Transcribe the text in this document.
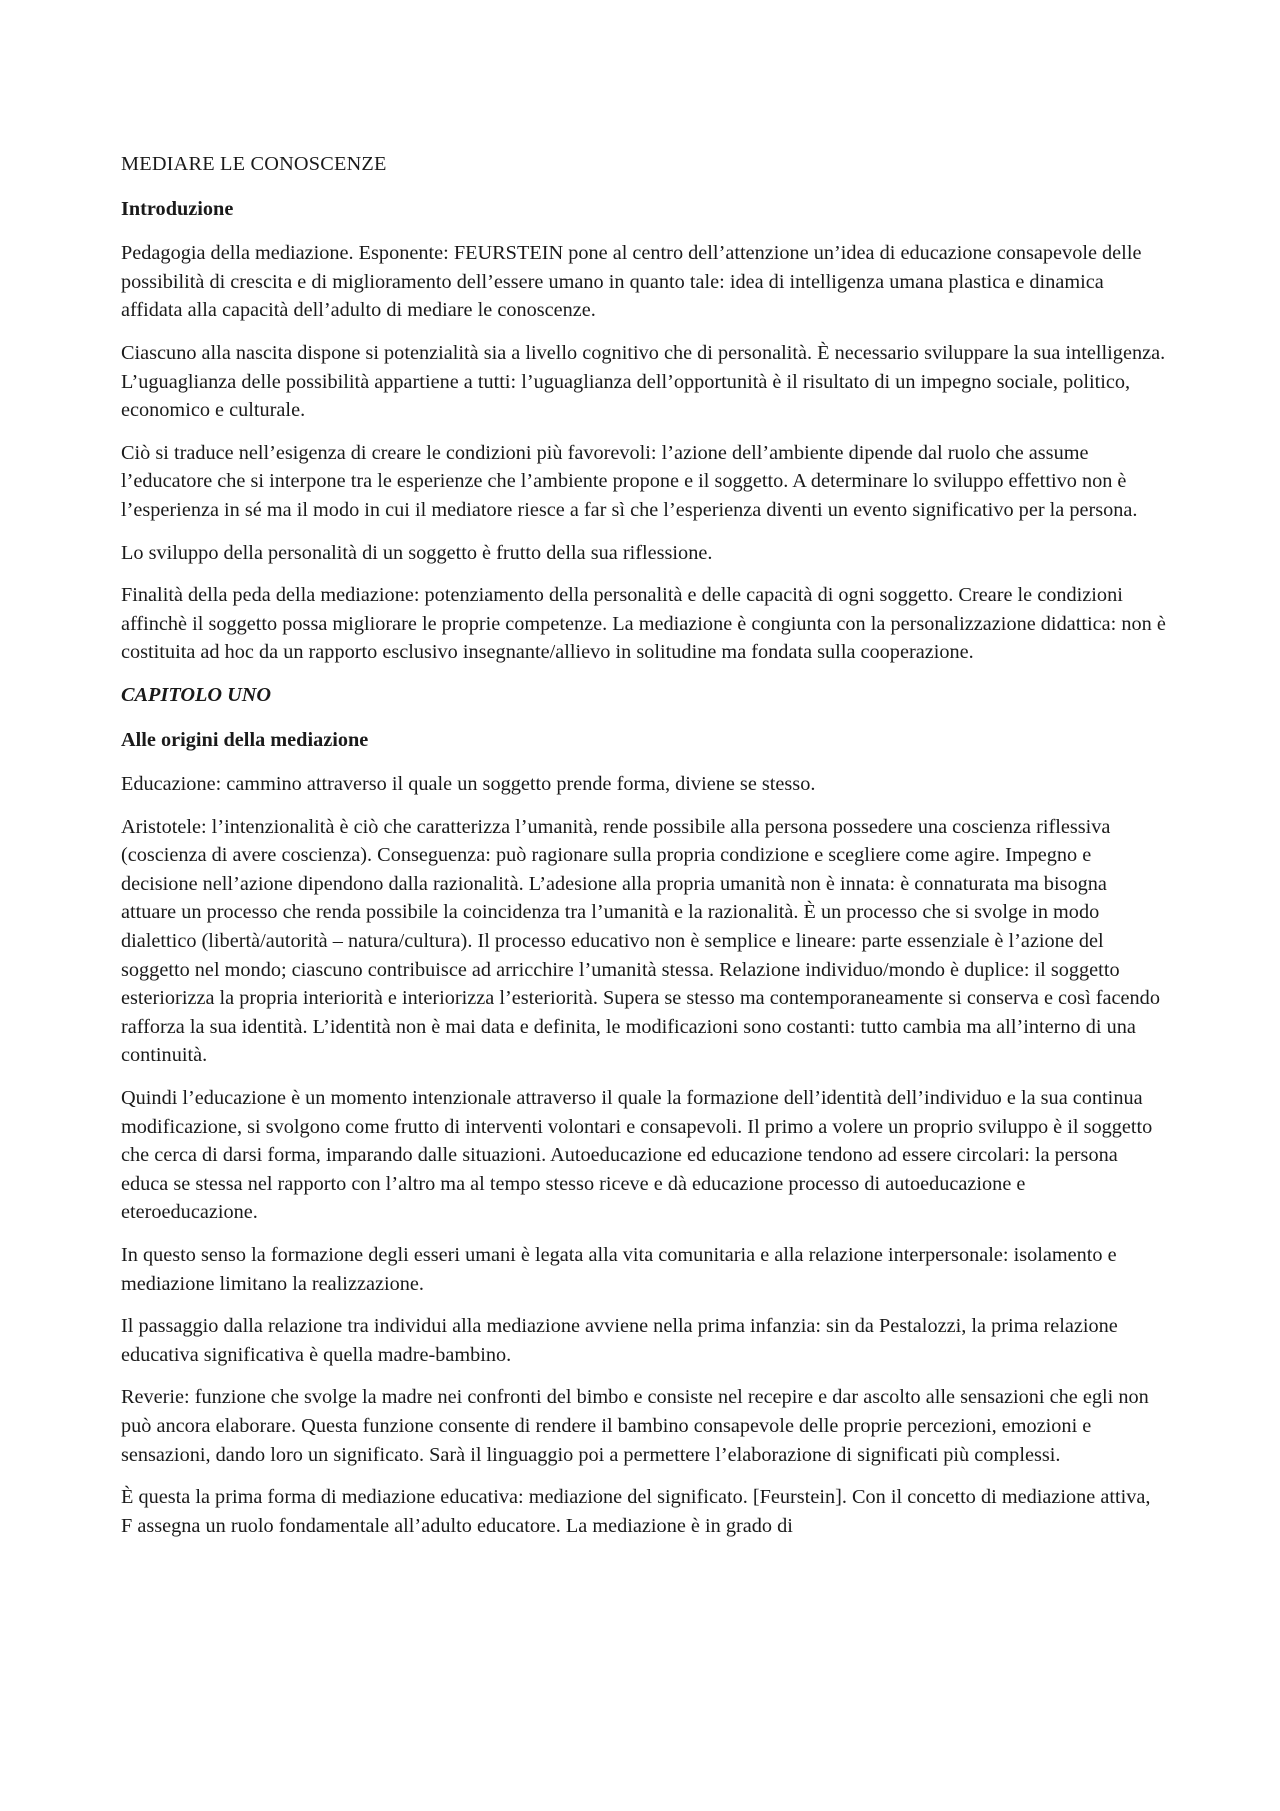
MEDIARE LE CONOSCENZE
Introduzione

Pedagogia della mediazione. Esponente: FEURSTEIN pone al centro dell’attenzione un’idea di educazione consapevole delle possibilità di crescita e di miglioramento dell’essere umano in quanto tale: idea di intelligenza umana plastica e dinamica affidata alla capacità dell’adulto di mediare le conoscenze.

Ciascuno alla nascita dispone si potenzialità sia a livello cognitivo che di personalità. È necessario sviluppare la sua intelligenza. L’uguaglianza delle possibilità appartiene a tutti: l’uguaglianza dell’opportunità è il risultato di un impegno sociale, politico, economico e culturale.

Ciò si traduce nell’esigenza di creare le condizioni più favorevoli: l’azione dell’ambiente dipende dal ruolo che assume l’educatore che si interpone tra le esperienze che l’ambiente propone e il soggetto. A determinare lo sviluppo effettivo non è l’esperienza in sé ma il modo in cui il mediatore riesce a far sì che l’esperienza diventi un evento significativo per la persona.

Lo sviluppo della personalità di un soggetto è frutto della sua riflessione.

Finalità della peda della mediazione: potenziamento della personalità e delle capacità di ogni soggetto. Creare le condizioni affinchè il soggetto possa migliorare le proprie competenze. La mediazione è congiunta con la personalizzazione didattica: non è costituita ad hoc da un rapporto esclusivo insegnante/allievo in solitudine ma fondata sulla cooperazione.

CAPITOLO UNO
Alle origini della mediazione

Educazione: cammino attraverso il quale un soggetto prende forma, diviene se stesso.

Aristotele: l’intenzionalità è ciò che caratterizza l’umanità, rende possibile alla persona possedere una coscienza riflessiva (coscienza di avere coscienza). Conseguenza: può ragionare sulla propria condizione e scegliere come agire. Impegno e decisione nell’azione dipendono dalla razionalità. L’adesione alla propria umanità non è innata: è connaturata ma bisogna attuare un processo che renda possibile la coincidenza tra l’umanità e la razionalità. È un processo che si svolge in modo dialettico (libertà/autorità – natura/cultura). Il processo educativo non è semplice e lineare: parte essenziale è l’azione del soggetto nel mondo; ciascuno contribuisce ad arricchire l’umanità stessa. Relazione individuo/mondo è duplice: il soggetto esteriorizza la propria interiorità e interiorizza l’esteriorità. Supera se stesso ma contemporaneamente si conserva e così facendo rafforza la sua identità. L’identità non è mai data e definita, le modificazioni sono costanti: tutto cambia ma all’interno di una continuità.

Quindi l’educazione è un momento intenzionale attraverso il quale la formazione dell’identità dell’individuo e la sua continua modificazione, si svolgono come frutto di interventi volontari e consapevoli. Il primo a volere un proprio sviluppo è il soggetto che cerca di darsi forma, imparando dalle situazioni. Autoeducazione ed educazione tendono ad essere circolari: la persona educa se stessa nel rapporto con l’altro ma al tempo stesso riceve e dà educazione processo di autoeducazione e eteroeducazione.

In questo senso la formazione degli esseri umani è legata alla vita comunitaria e alla relazione interpersonale: isolamento e mediazione limitano la realizzazione.

Il passaggio dalla relazione tra individui alla mediazione avviene nella prima infanzia: sin da Pestalozzi, la prima relazione educativa significativa è quella madre-bambino.

Reverie: funzione che svolge la madre nei confronti del bimbo e consiste nel recepire e dar ascolto alle sensazioni che egli non può ancora elaborare. Questa funzione consente di rendere il bambino consapevole delle proprie percezioni, emozioni e sensazioni, dando loro un significato. Sarà il linguaggio poi a permettere l’elaborazione di significati più complessi.

È questa la prima forma di mediazione educativa: mediazione del significato. [Feurstein]. Con il concetto di mediazione attiva, F assegna un ruolo fondamentale all’adulto educatore. La mediazione è in grado di
